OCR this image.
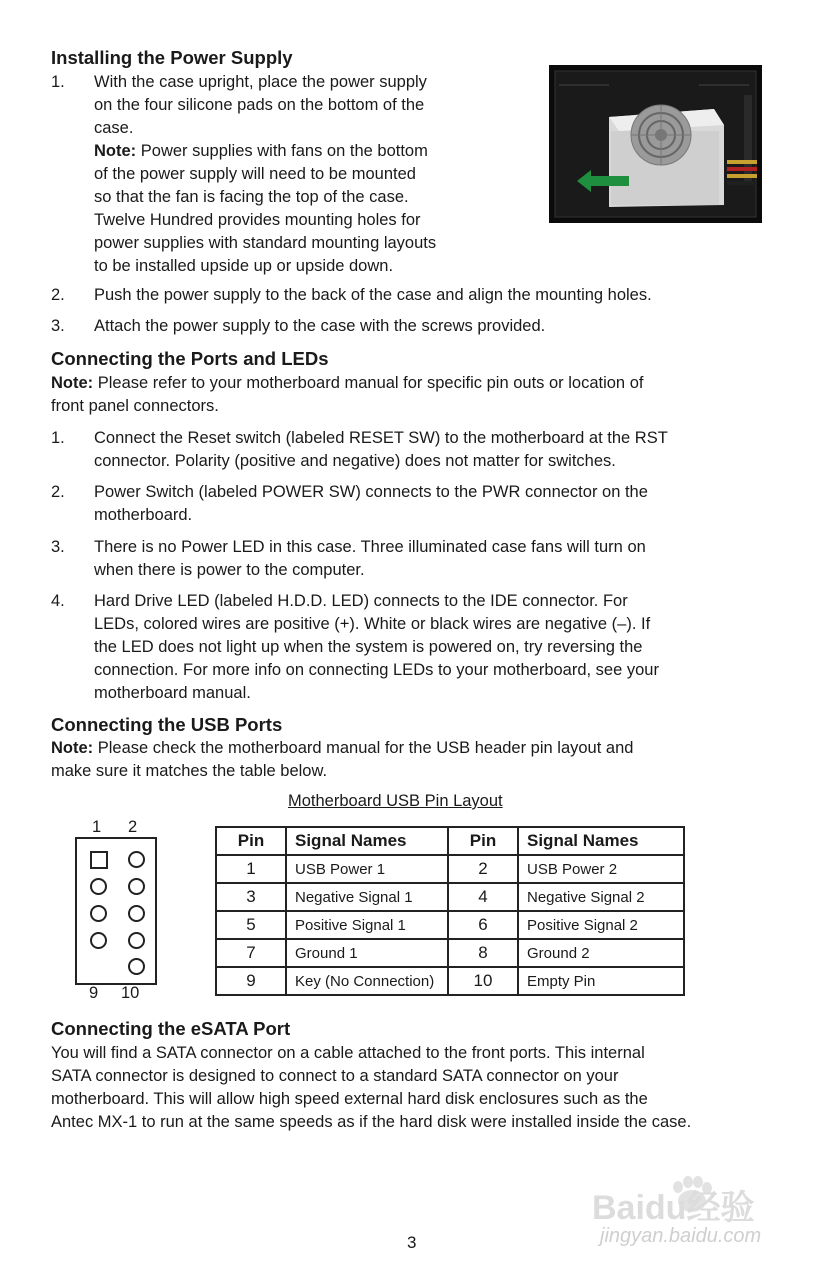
Installing the Power Supply
1. With the case upright, place the power supply
on the four silicone pads on the bottom of the
case.
Note: Power supplies with fans on the bottom
of the power supply will need to be mounted
so that the fan is facing the top of the case.
Twelve Hundred provides mounting holes for
power supplies with standard mounting layouts
to be installed upside up or upside down.
2. Push the power supply to the back of the case and align the mounting holes.
3. Attach the power supply to the case with the screws provided.
Connecting the Ports and LEDs
Note: Please refer to your motherboard manual for specific pin outs or location of
front panel connectors.
1. Connect the Reset switch (labeled RESET SW) to the motherboard at the RST
connector. Polarity (positive and negative) does not matter for switches.
2. Power Switch (labeled POWER SW) connects to the PWR connector on the
motherboard.
3. There is no Power LED in this case. Three illuminated case fans will turn on
when there is power to the computer.
4. Hard Drive LED (labeled H.D.D. LED) connects to the IDE connector. For
LEDs, colored wires are positive (+). White or black wires are negative (–). If
the LED does not light up when the system is powered on, try reversing the
connection. For more info on connecting LEDs to your motherboard, see your
motherboard manual.
Connecting the USB Ports
Note: Please check the motherboard manual for the USB header pin layout and
make sure it matches the table below.
Motherboard USB Pin Layout
1 2
9 10
Pin	Signal Names	Pin	Signal Names
1	USB Power 1	2	USB Power 2
3	Negative Signal 1	4	Negative Signal 2
5	Positive Signal 1	6	Positive Signal 2
7	Ground 1	8	Ground 2
9	Key (No Connection)	10	Empty Pin
Connecting the eSATA Port
You will find a SATA connector on a cable attached to the front ports. This internal
SATA connector is designed to connect to a standard SATA connector on your
motherboard. This will allow high speed external hard disk enclosures such as the
Antec MX-1 to run at the same speeds as if the hard disk were installed inside the case.
3
Baidu经验
jingyan.baidu.com
